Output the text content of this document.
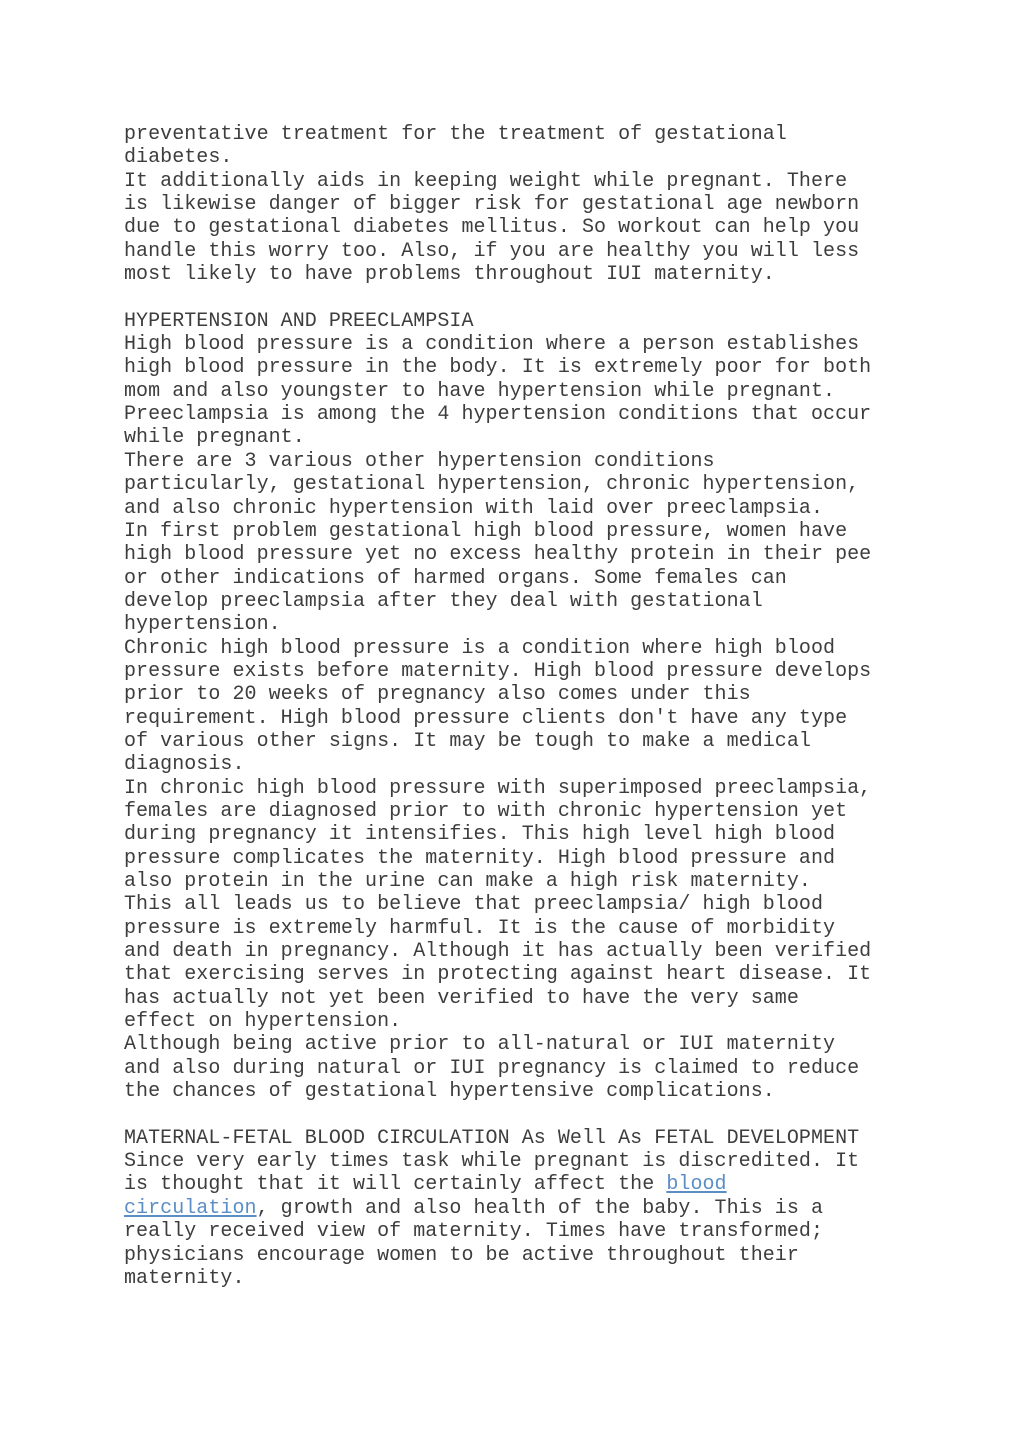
preventative treatment for the treatment of gestational
diabetes.
It additionally aids in keeping weight while pregnant. There
is likewise danger of bigger risk for gestational age newborn
due to gestational diabetes mellitus. So workout can help you
handle this worry too. Also, if you are healthy you will less
most likely to have problems throughout IUI maternity.
HYPERTENSION AND PREECLAMPSIA
High blood pressure is a condition where a person establishes
high blood pressure in the body. It is extremely poor for both
mom and also youngster to have hypertension while pregnant.
Preeclampsia is among the 4 hypertension conditions that occur
while pregnant.
There are 3 various other hypertension conditions
particularly, gestational hypertension, chronic hypertension,
and also chronic hypertension with laid over preeclampsia.
In first problem gestational high blood pressure, women have
high blood pressure yet no excess healthy protein in their pee
or other indications of harmed organs. Some females can
develop preeclampsia after they deal with gestational
hypertension.
Chronic high blood pressure is a condition where high blood
pressure exists before maternity. High blood pressure develops
prior to 20 weeks of pregnancy also comes under this
requirement. High blood pressure clients don't have any type
of various other signs. It may be tough to make a medical
diagnosis.
In chronic high blood pressure with superimposed preeclampsia,
females are diagnosed prior to with chronic hypertension yet
during pregnancy it intensifies. This high level high blood
pressure complicates the maternity. High blood pressure and
also protein in the urine can make a high risk maternity.
This all leads us to believe that preeclampsia/ high blood
pressure is extremely harmful. It is the cause of morbidity
and death in pregnancy. Although it has actually been verified
that exercising serves in protecting against heart disease. It
has actually not yet been verified to have the very same
effect on hypertension.
Although being active prior to all-natural or IUI maternity
and also during natural or IUI pregnancy is claimed to reduce
the chances of gestational hypertensive complications.
MATERNAL-FETAL BLOOD CIRCULATION As Well As FETAL DEVELOPMENT
Since very early times task while pregnant is discredited. It
is thought that it will certainly affect the blood
circulation, growth and also health of the baby. This is a
really received view of maternity. Times have transformed;
physicians encourage women to be active throughout their
maternity.
